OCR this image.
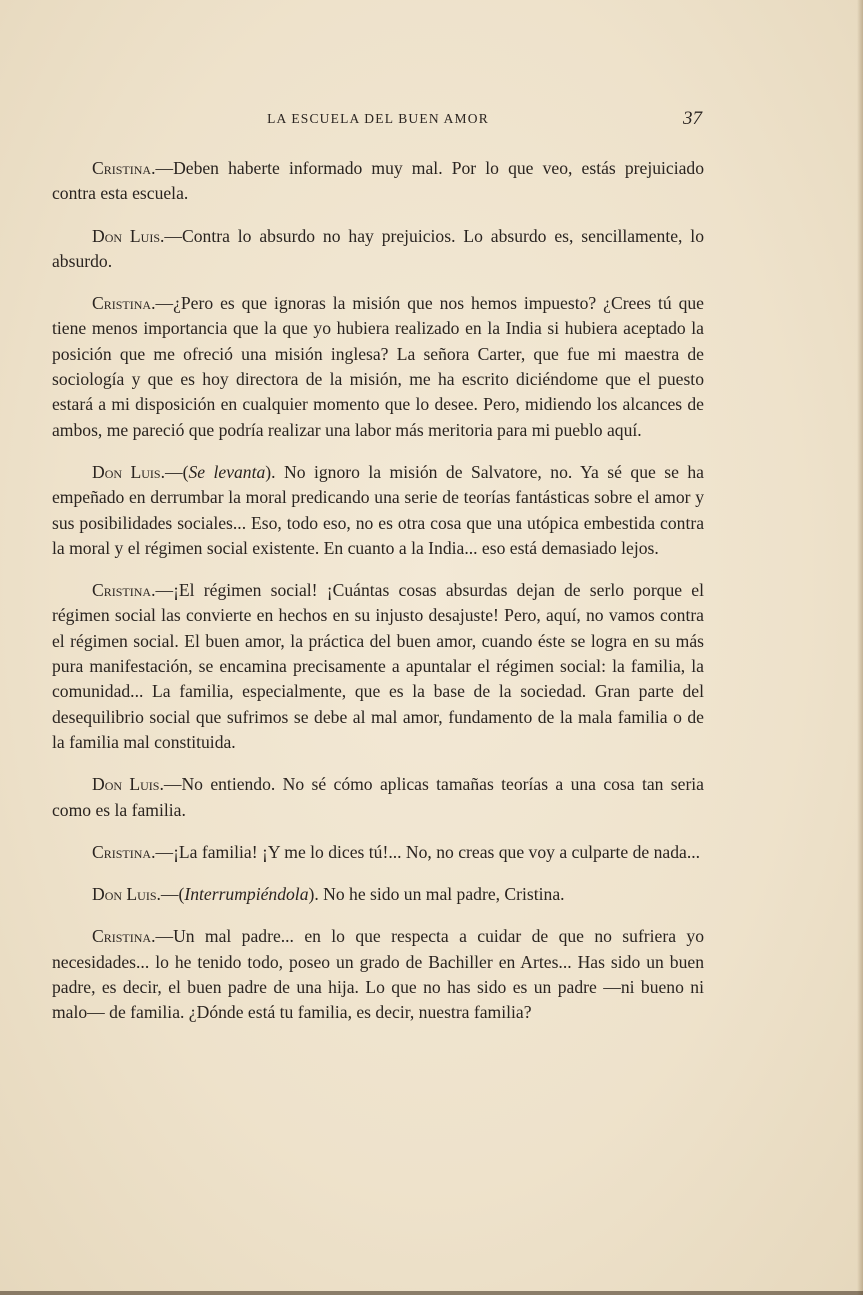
LA ESCUELA DEL BUEN AMOR	37

Cristina.—Deben haberte informado muy mal. Por lo que veo, estás prejuiciado contra esta escuela.

Don Luis.—Contra lo absurdo no hay prejuicios. Lo absurdo es, sencillamente, lo absurdo.

Cristina.—¿Pero es que ignoras la misión que nos hemos impuesto? ¿Crees tú que tiene menos importancia que la que yo hubiera realizado en la India si hubiera aceptado la posición que me ofreció una misión inglesa? La señora Carter, que fue mi maestra de sociología y que es hoy directora de la misión, me ha escrito diciéndome que el puesto estará a mi disposición en cualquier momento que lo desee. Pero, midiendo los alcances de ambos, me pareció que podría realizar una labor más meritoria para mi pueblo aquí.

Don Luis.—(Se levanta). No ignoro la misión de Salvatore, no. Ya sé que se ha empeñado en derrumbar la moral predicando una serie de teorías fantásticas sobre el amor y sus posibilidades sociales... Eso, todo eso, no es otra cosa que una utópica embestida contra la moral y el régimen social existente. En cuanto a la India... eso está demasiado lejos.

Cristina.—¡El régimen social! ¡Cuántas cosas absurdas dejan de serlo porque el régimen social las convierte en hechos en su injusto desajuste! Pero, aquí, no vamos contra el régimen social. El buen amor, la práctica del buen amor, cuando éste se logra en su más pura manifestación, se encamina precisamente a apuntalar el régimen social: la familia, la comunidad... La familia, especialmente, que es la base de la sociedad. Gran parte del desequilibrio social que sufrimos se debe al mal amor, fundamento de la mala familia o de la familia mal constituida.

Don Luis.—No entiendo. No sé cómo aplicas tamañas teorías a una cosa tan seria como es la familia.

Cristina.—¡La familia! ¡Y me lo dices tú!... No, no creas que voy a culparte de nada...

Don Luis.—(Interrumpiéndola). No he sido un mal padre, Cristina.

Cristina.—Un mal padre... en lo que respecta a cuidar de que no sufriera yo necesidades... lo he tenido todo, poseo un grado de Bachiller en Artes... Has sido un buen padre, es decir, el buen padre de una hija. Lo que no has sido es un padre —ni bueno ni malo— de familia. ¿Dónde está tu familia, es decir, nuestra familia?
